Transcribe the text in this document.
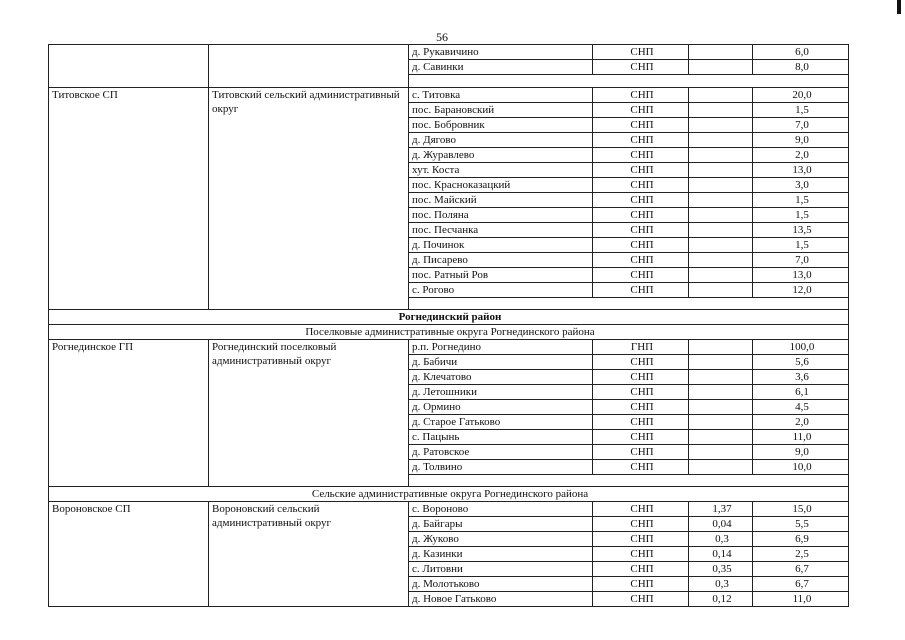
56
		д. Рукавичино	СНП		6,0
		д. Савинки	СНП		8,0

Титовское СП	Титовский сельский административный округ	с. Титовка	СНП		20,0
		пос. Барановский	СНП		1,5
		пос. Бобровник	СНП		7,0
		д. Дягово	СНП		9,0
		д. Журавлево	СНП		2,0
		хут. Коста	СНП		13,0
		пос. Красноказацкий	СНП		3,0
		пос. Майский	СНП		1,5
		пос. Поляна	СНП		1,5
		пос. Песчанка	СНП		13,5
		д. Починок	СНП		1,5
		д. Писарево	СНП		7,0
		пос. Ратный Ров	СНП		13,0
		с. Рогово	СНП		12,0

Рогнединский район					
Поселковые административные округа Рогнединского района					
Рогнединское ГП	Рогнединский поселковый административный округ	р.п. Рогнедино	ГНП		100,0
		д. Бабичи	СНП		5,6
		д. Клечатово	СНП		3,6
		д. Летошники	СНП		6,1
		д. Ормино	СНП		4,5
		д. Старое Гатьково	СНП		2,0
		с. Пацынь	СНП		11,0
		д. Ратовское	СНП		9,0
		д. Толвино	СНП		10,0

Сельские административные округа Рогнединского района					
Вороновское СП	Вороновский сельский административный округ	с. Вороново	СНП	1,37	15,0
		д. Байгары	СНП	0,04	5,5
		д. Жуково	СНП	0,3	6,9
		д. Казинки	СНП	0,14	2,5
		с. Литовни	СНП	0,35	6,7
		д. Молотьково	СНП	0,3	6,7
		д. Новое Гатьково	СНП	0,12	11,0
